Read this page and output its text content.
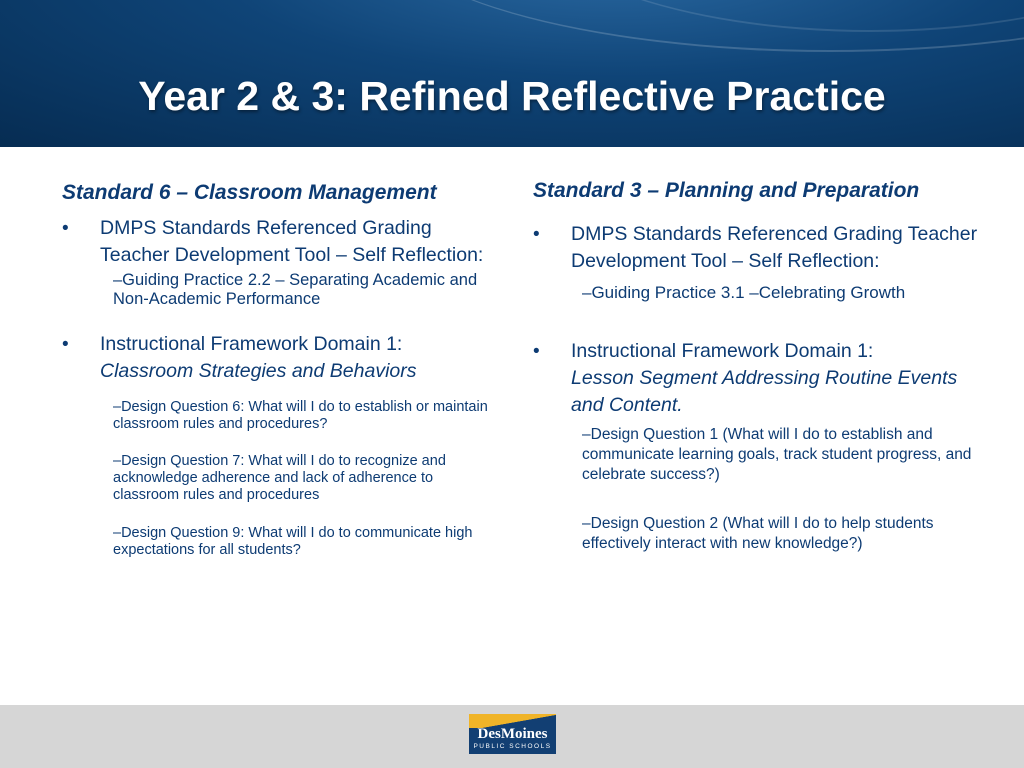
Year 2 & 3: Refined Reflective Practice
Standard 6 – Classroom Management
•	DMPS Standards Referenced Grading Teacher Development Tool – Self Reflection:
–Guiding Practice 2.2 – Separating Academic and Non-Academic Performance
•	Instructional Framework Domain 1:
Classroom Strategies and Behaviors
–Design Question 6: What will I do to establish or maintain classroom rules and procedures?
–Design Question 7: What will I do to recognize and acknowledge adherence and lack of adherence to classroom rules and procedures
–Design Question 9: What will I do to communicate high expectations for all students?
Standard 3 – Planning and Preparation
•	DMPS Standards Referenced Grading Teacher Development Tool – Self Reflection:
–Guiding Practice 3.1 –Celebrating Growth
•	Instructional Framework Domain 1:
Lesson Segment Addressing Routine Events and Content.
–Design Question 1 (What will I do to establish and communicate learning goals, track student progress, and celebrate success?)
–Design Question 2 (What will I do to help students effectively interact with new knowledge?)
DesMoines
PUBLIC SCHOOLS
